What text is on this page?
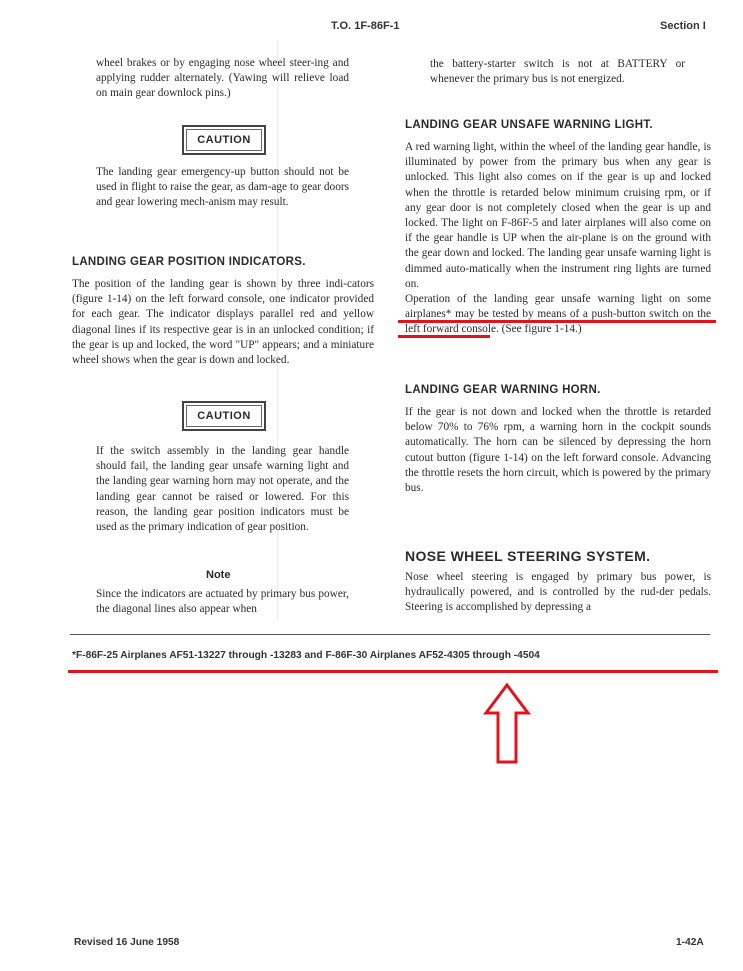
T.O. 1F-86F-1	Section I

wheel brakes or by engaging nose wheel steer-ing and applying rudder alternately. (Yawing will relieve load on main gear downlock pins.)

CAUTION

The landing gear emergency-up button should not be used in flight to raise the gear, as dam-age to gear doors and gear lowering mech-anism may result.

LANDING GEAR POSITION INDICATORS.

The position of the landing gear is shown by three indi-cators (figure 1-14) on the left forward console, one indicator provided for each gear. The indicator displays parallel red and yellow diagonal lines if its respective gear is in an unlocked condition; if the gear is up and locked, the word "UP" appears; and a miniature wheel shows when the gear is down and locked.

CAUTION

If the switch assembly in the landing gear handle should fail, the landing gear unsafe warning light and the landing gear warning horn may not operate, and the landing gear cannot be raised or lowered. For this reason, the landing gear position indicators must be used as the primary indication of gear position.

Note

Since the indicators are actuated by primary bus power, the diagonal lines also appear when

the battery-starter switch is not at BATTERY or whenever the primary bus is not energized.

LANDING GEAR UNSAFE WARNING LIGHT.

A red warning light, within the wheel of the landing gear handle, is illuminated by power from the primary bus when any gear is unlocked. This light also comes on if the gear is up and locked when the throttle is retarded below minimum cruising rpm, or if any gear door is not completely closed when the gear is up and locked. The light on F-86F-5 and later airplanes will also come on if the gear handle is UP when the air-plane is on the ground with the gear down and locked. The landing gear unsafe warning light is dimmed auto-matically when the instrument ring lights are turned on.

Operation of the landing gear unsafe warning light on some airplanes* may be tested by means of a push-button switch on the left forward console. (See figure 1-14.)

LANDING GEAR WARNING HORN.

If the gear is not down and locked when the throttle is retarded below 70% to 76% rpm, a warning horn in the cockpit sounds automatically. The horn can be silenced by depressing the horn cutout button (figure 1-14) on the left forward console. Advancing the throttle resets the horn circuit, which is powered by the primary bus.

NOSE WHEEL STEERING SYSTEM.

Nose wheel steering is engaged by primary bus power, is hydraulically powered, and is controlled by the rud-der pedals. Steering is accomplished by depressing a

*F-86F-25 Airplanes AF51-13227 through -13283 and F-86F-30 Airplanes AF52-4305 through -4504
Revised 16 June 1958	1-42A
